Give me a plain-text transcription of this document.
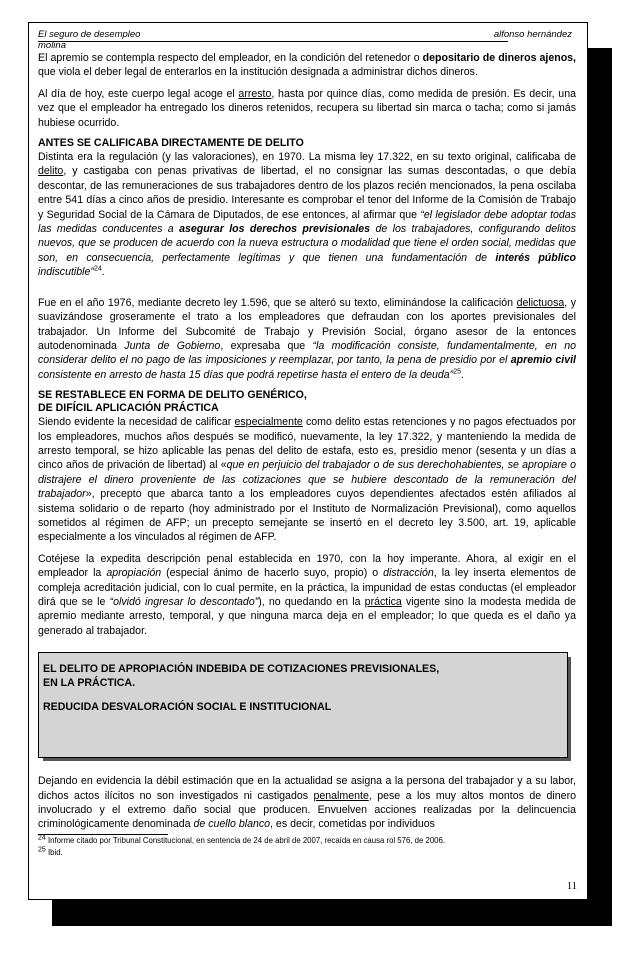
El seguro de desempleo
molina
alfonso hernández

El apremio se contempla respecto del empleador, en la condición del retenedor o depositario de dineros ajenos, que viola el deber legal de enterarlos en la institución designada a administrar dichos dineros.

Al día de hoy, este cuerpo legal acoge el arresto, hasta por quince días, como medida de presión. Es decir, una vez que el empleador ha entregado los dineros retenidos, recupera su libertad sin marca o tacha; como si jamás hubiese ocurrido.

ANTES SE CALIFICABA DIRECTAMENTE DE DELITO

Distinta era la regulación (y las valoraciones), en 1970. La misma ley 17.322, en su texto original, calificaba de delito, y castigaba con penas privativas de libertad, el no consignar las sumas descontadas, o que debía descontar, de las remuneraciones de sus trabajadores dentro de los plazos recién mencionados, la pena oscilaba entre 541 días a cinco años de presidio. Interesante es comprobar el tenor del Informe de la Comisión de Trabajo y Seguridad Social de la Cámara de Diputados, de ese entonces, al afirmar que “el legislador debe adoptar todas las medidas conducentes a asegurar los derechos previsionales de los trabajadores, configurando delitos nuevos, que se producen de acuerdo con la nueva estructura o modalidad que tiene el orden social, medidas que son, en consecuencia, perfectamente legítimas y que tienen una fundamentación de interés público indiscutible”$^{24}$.

Fue en el año 1976, mediante decreto ley 1.596, que se alteró su texto, eliminándose la calificación delictuosa, y suavizándose groseramente el trato a los empleadores que defraudan con los aportes previsionales del trabajador. Un Informe del Subcomité de Trabajo y Previsión Social, órgano asesor de la entonces autodenominada Junta de Gobierno, expresaba que “la modificación consiste, fundamentalmente, en no considerar delito el no pago de las imposiciones y reemplazar, por tanto, la pena de presidio por el apremio civil consistente en arresto de hasta 15 días que podrá repetirse hasta el entero de la deuda”$^{25}$.

SE RESTABLECE EN FORMA DE DELITO GENÉRICO,
DE DIFÍCIL APLICACIÓN PRÁCTICA

Siendo evidente la necesidad de calificar especialmente como delito estas retenciones y no pagos efectuados por los empleadores, muchos años después se modificó, nuevamente, la ley 17.322, y manteniendo la medida de arresto temporal, se hizo aplicable las penas del delito de estafa, esto es, presidio menor (sesenta y un días a cinco años de privación de libertad) al «que en perjuicio del trabajador o de sus derechohabientes, se apropiare o distrajere el dinero proveniente de las cotizaciones que se hubiere descontado de la remuneración del trabajador», precepto que abarca tanto a los empleadores cuyos dependientes afectados estén afiliados al sistema solidario o de reparto (hoy administrado por el Instituto de Normalización Previsional), como aquellos sometidos al régimen de AFP; un precepto semejante se insertó en el decreto ley 3.500, art. 19, aplicable especialmente a los vinculados al régimen de AFP.

Cotéjese la expedita descripción penal establecida en 1970, con la hoy imperante. Ahora, al exigir en el empleador la apropiación (especial ánimo de hacerlo suyo, propio) o distracción, la ley inserta elementos de compleja acreditación judicial, con lo cual permite, en la práctica, la impunidad de estas conductas (el empleador dirá que se le “olvidó ingresar lo descontado”), no quedando en la práctica vigente sino la modesta medida de apremio mediante arresto, temporal, y que ninguna marca deja en el empleador; lo que queda es el daño ya generado al trabajador.

EL DELITO DE APROPIACIÓN INDEBIDA DE COTIZACIONES PREVISIONALES,
EN LA PRÁCTICA.
REDUCIDA DESVALORACIÓN SOCIAL E INSTITUCIONAL

Dejando en evidencia la débil estimación que en la actualidad se asigna a la persona del trabajador y a su labor, dichos actos ilícitos no son investigados ni castigados penalmente, pese a los muy altos montos de dinero involucrado y el extremo daño social que producen. Envuelven acciones realizadas por la delincuencia criminológicamente denominada de cuello blanco, es decir, cometidas por individuos

$^{24}$ Informe citado por Tribunal Constitucional, en sentencia de 24 de abril de 2007, recaída en causa rol 576, de 2006.

$^{25}$ Ibid.

11
